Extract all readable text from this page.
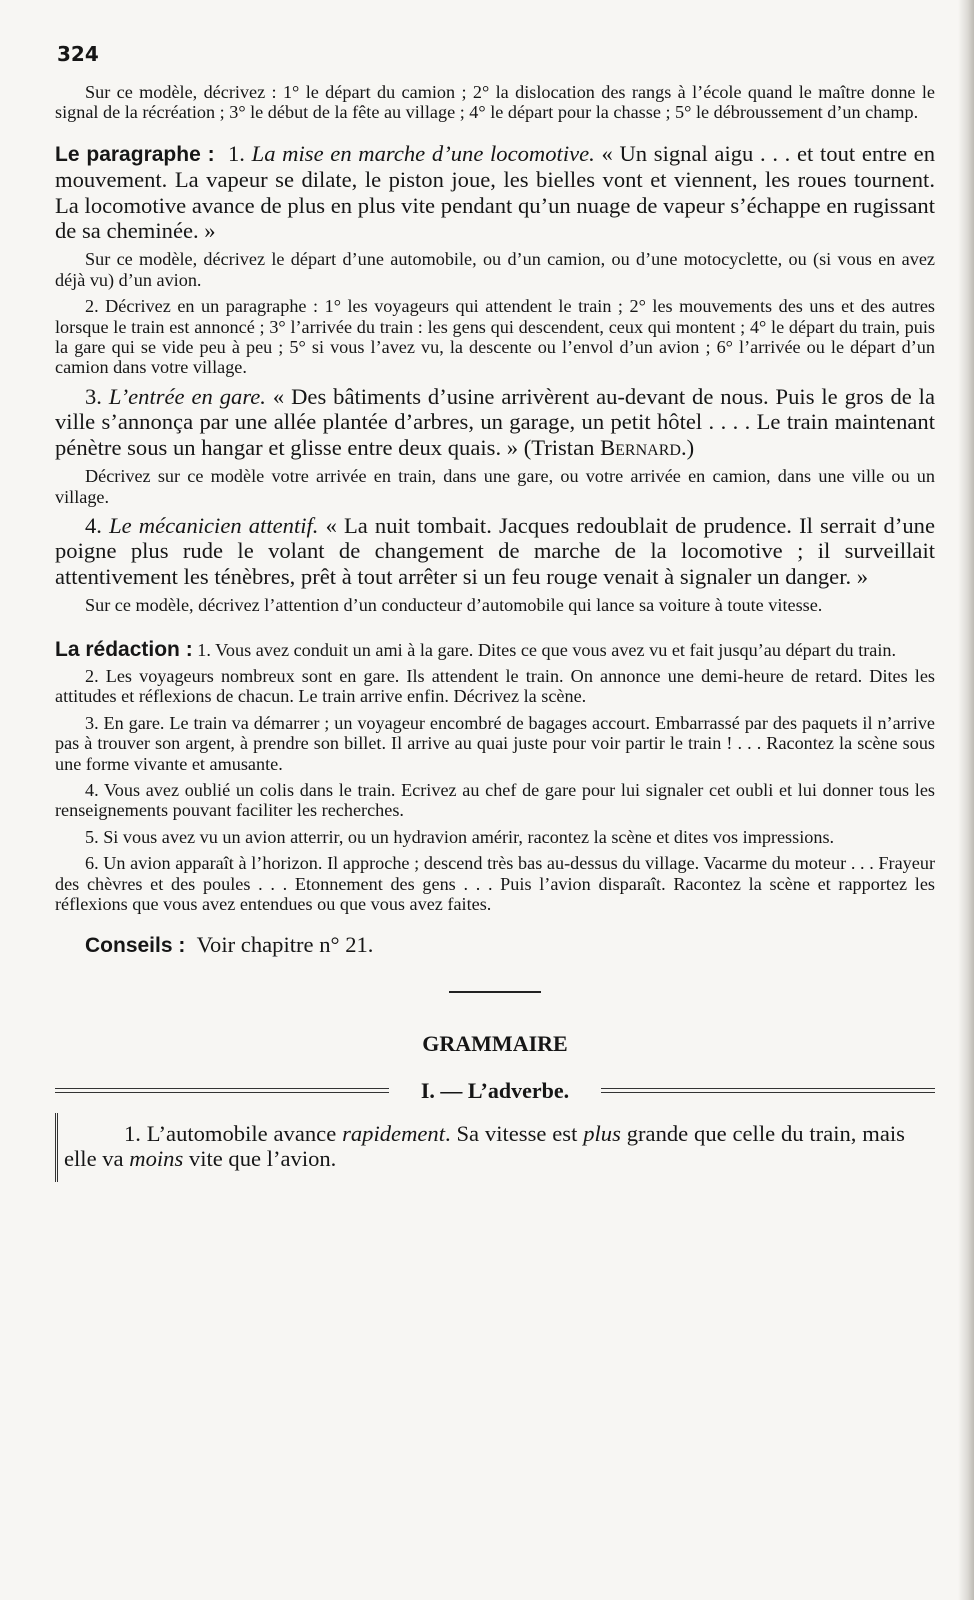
324

Sur ce modèle, décrivez : 1° le départ du camion ; 2° la dislocation des rangs à l’école quand le maître donne le signal de la récréation ; 3° le début de la fête au village ; 4° le départ pour la chasse ; 5° le débroussement d’un champ.

Le paragraphe : 1. La mise en marche d’une locomotive. « Un signal aigu . . . et tout entre en mouvement. La vapeur se dilate, le piston joue, les bielles vont et viennent, les roues tournent. La locomotive avance de plus en plus vite pendant qu’un nuage de vapeur s’échappe en rugissant de sa cheminée. »

Sur ce modèle, décrivez le départ d’une automobile, ou d’un camion, ou d’une motocyclette, ou (si vous en avez déjà vu) d’un avion.

2. Décrivez en un paragraphe : 1° les voyageurs qui attendent le train ; 2° les mouvements des uns et des autres lorsque le train est annoncé ; 3° l’arrivée du train : les gens qui descendent, ceux qui montent ; 4° le départ du train, puis la gare qui se vide peu à peu ; 5° si vous l’avez vu, la descente ou l’envol d’un avion ; 6° l’arrivée ou le départ d’un camion dans votre village.

3. L’entrée en gare. « Des bâtiments d’usine arrivèrent au-devant de nous. Puis le gros de la ville s’annonça par une allée plantée d’arbres, un garage, un petit hôtel . . . . Le train maintenant pénètre sous un hangar et glisse entre deux quais. » (Tristan Bernard.)

Décrivez sur ce modèle votre arrivée en train, dans une gare, ou votre arrivée en camion, dans une ville ou un village.

4. Le mécanicien attentif. « La nuit tombait. Jacques redoublait de prudence. Il serrait d’une poigne plus rude le volant de changement de marche de la locomotive ; il surveillait attentivement les ténèbres, prêt à tout arrêter si un feu rouge venait à signaler un danger. »

Sur ce modèle, décrivez l’attention d’un conducteur d’automobile qui lance sa voiture à toute vitesse.

La rédaction : 1. Vous avez conduit un ami à la gare. Dites ce que vous avez vu et fait jusqu’au départ du train.

2. Les voyageurs nombreux sont en gare. Ils attendent le train. On annonce une demi-heure de retard. Dites les attitudes et réflexions de chacun. Le train arrive enfin. Décrivez la scène.

3. En gare. Le train va démarrer ; un voyageur encombré de bagages accourt. Embarrassé par des paquets il n’arrive pas à trouver son argent, à prendre son billet. Il arrive au quai juste pour voir partir le train ! . . . Racontez la scène sous une forme vivante et amusante.

4. Vous avez oublié un colis dans le train. Ecrivez au chef de gare pour lui signaler cet oubli et lui donner tous les renseignements pouvant faciliter les recherches.

5. Si vous avez vu un avion atterrir, ou un hydravion amérir, racontez la scène et dites vos impressions.

6. Un avion apparaît à l’horizon. Il approche ; descend très bas au-dessus du village. Vacarme du moteur . . . Frayeur des chèvres et des poules . . . Etonnement des gens . . . Puis l’avion disparaît. Racontez la scène et rapportez les réflexions que vous avez entendues ou que vous avez faites.

Conseils : Voir chapitre n° 21.

GRAMMAIRE
I. — L’adverbe.

1. L’automobile avance rapidement. Sa vitesse est plus grande que celle du train, mais elle va moins vite que l’avion.
